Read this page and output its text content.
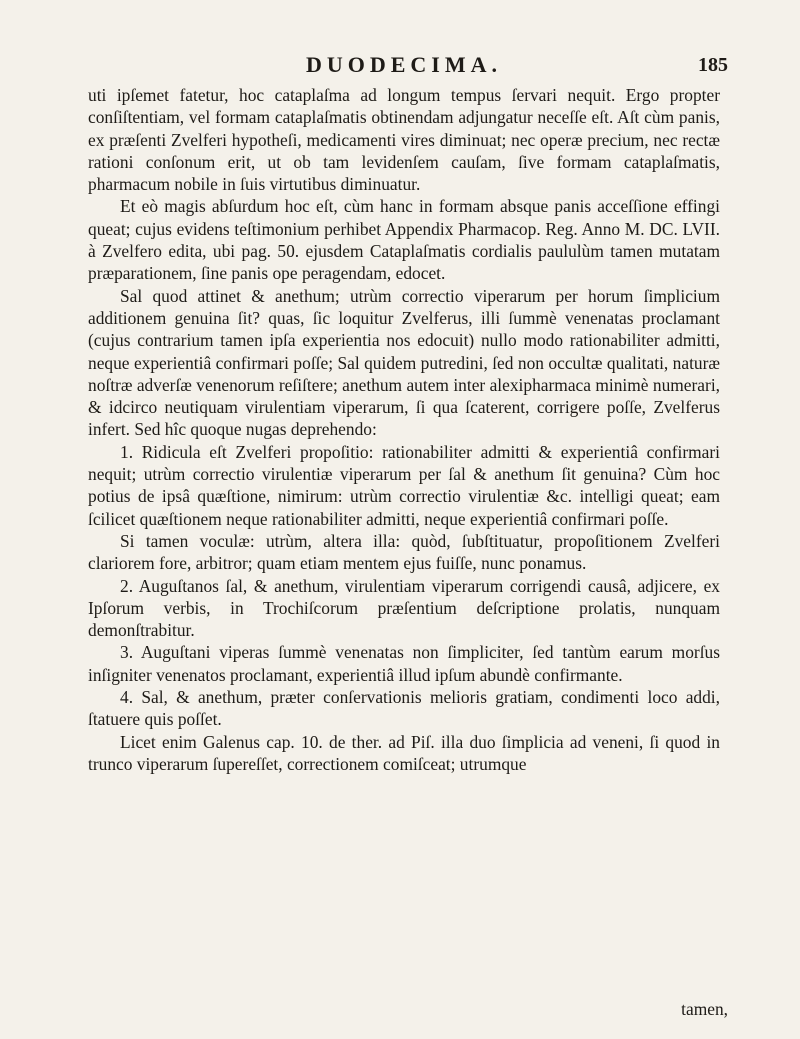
DUODECIMA.	185

uti ipſemet fatetur, hoc cataplaſma ad longum tempus ſervari nequit. Ergo propter conſiſtentiam, vel formam cataplaſmatis obtinendam adjungatur neceſſe eſt. Aſt cùm panis, ex præſenti Zvelferi hypotheſi, medicamenti vires diminuat; nec operæ precium, nec rectæ rationi conſonum erit, ut ob tam levidenſem cauſam, ſive formam cataplaſmatis, pharmacum nobile in ſuis virtutibus diminuatur.

Et eò magis abſurdum hoc eſt, cùm hanc in formam absque panis acceſſione effingi queat; cujus evidens teſtimonium perhibet Appendix Pharmacop. Reg. Anno M. DC. LVII. à Zvelfero edita, ubi pag. 50. ejusdem Cataplaſmatis cordialis paululùm tamen mutatam præparationem, ſine panis ope peragendam, edocet.

Sal quod attinet & anethum; utrùm correctio viperarum per horum ſimplicium additionem genuina ſit? quas, ſic loquitur Zvelferus, illi ſummè venenatas proclamant (cujus contrarium tamen ipſa experientia nos edocuit) nullo modo rationabiliter admitti, neque experientiâ confirmari poſſe; Sal quidem putredini, ſed non occultæ qualitati, naturæ noſtræ adverſæ venenorum reſiſtere; anethum autem inter alexipharmaca minimè numerari, & idcirco neutiquam virulentiam viperarum, ſi qua ſcaterent, corrigere poſſe, Zvelferus infert. Sed hîc quoque nugas deprehendo:

1. Ridicula eſt Zvelferi propoſitio: rationabiliter admitti & experientiâ confirmari nequit; utrùm correctio virulentiæ viperarum per ſal & anethum ſit genuina? Cùm hoc potius de ipsâ quæſtione, nimirum: utrùm correctio virulentiæ &c. intelligi queat; eam ſcilicet quæſtionem neque rationabiliter admitti, neque experientiâ confirmari poſſe.

Si tamen voculæ: utrùm, altera illa: quòd, ſubſtituatur, propoſitionem Zvelferi clariorem fore, arbitror; quam etiam mentem ejus fuiſſe, nunc ponamus.

2. Auguſtanos ſal, & anethum, virulentiam viperarum corrigendi causâ, adjicere, ex Ipſorum verbis, in Trochiſcorum præſentium deſcriptione prolatis, nunquam demonſtrabitur.

3. Auguſtani viperas ſummè venenatas non ſimpliciter, ſed tantùm earum morſus inſigniter venenatos proclamant, experientiâ illud ipſum abundè confirmante.

4. Sal, & anethum, præter conſervationis melioris gratiam, condimenti loco addi, ſtatuere quis poſſet.

Licet enim Galenus cap. 10. de ther. ad Piſ. illa duo ſimplicia ad veneni, ſi quod in trunco viperarum ſupereſſet, correctionem comiſceat; utrumque

tamen,
